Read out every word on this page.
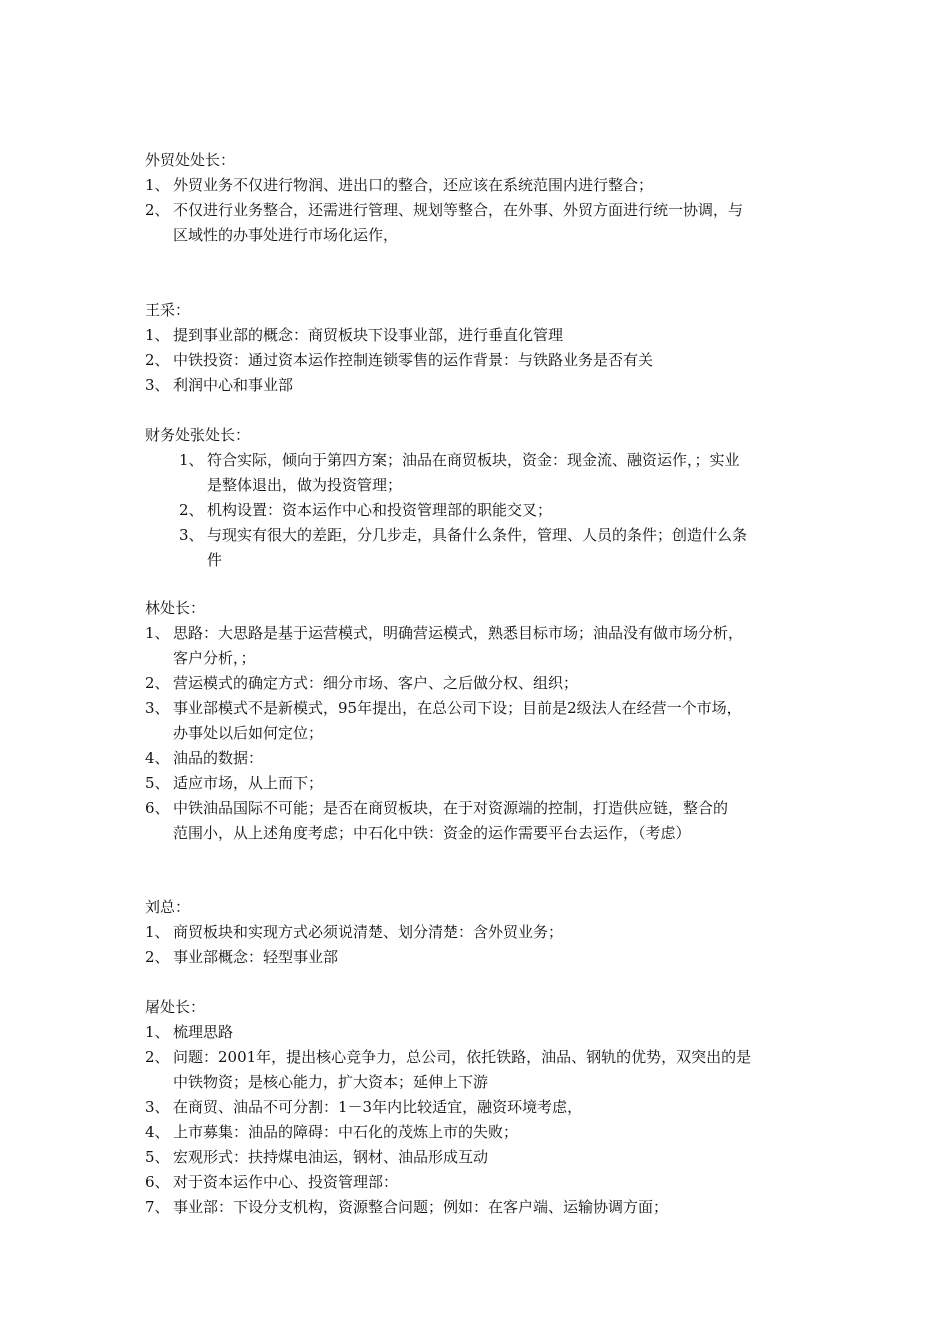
外贸处处长：
1、 外贸业务不仅进行物润、进出口的整合，还应该在系统范围内进行整合；
2、 不仅进行业务整合，还需进行管理、规划等整合，在外事、外贸方面进行统一协调，与
区域性的办事处进行市场化运作，
王采：
1、 提到事业部的概念：商贸板块下设事业部，进行垂直化管理
2、 中铁投资：通过资本运作控制连锁零售的运作背景：与铁路业务是否有关
3、 利润中心和事业部
财务处张处长：
1、 符合实际，倾向于第四方案；油品在商贸板块，资金：现金流、融资运作，；实业
是整体退出，做为投资管理；
2、 机构设置：资本运作中心和投资管理部的职能交叉；
3、 与现实有很大的差距，分几步走，具备什么条件，管理、人员的条件；创造什么条
件
林处长：
1、 思路：大思路是基于运营模式，明确营运模式，熟悉目标市场；油品没有做市场分析，
客户分析，；
2、 营运模式的确定方式：细分市场、客户、之后做分权、组织；
3、 事业部模式不是新模式，95年提出，在总公司下设；目前是2级法人在经营一个市场，
办事处以后如何定位；
4、 油品的数据：
5、 适应市场，从上而下；
6、 中铁油品国际不可能；是否在商贸板块，在于对资源端的控制，打造供应链，整合的
范围小，从上述角度考虑；中石化中铁：资金的运作需要平台去运作，（考虑）
刘总：
1、 商贸板块和实现方式必须说清楚、划分清楚：含外贸业务；
2、 事业部概念：轻型事业部
屠处长：
1、 梳理思路
2、 问题：2001年，提出核心竞争力，总公司，依托铁路，油品、钢轨的优势，双突出的是
中铁物资；是核心能力，扩大资本；延伸上下游
3、 在商贸、油品不可分割：1－3年内比较适宜，融资环境考虑，
4、 上市募集：油品的障碍：中石化的茂炼上市的失败；
5、 宏观形式：扶持煤电油运，钢材、油品形成互动
6、 对于资本运作中心、投资管理部：
7、 事业部：下设分支机构，资源整合问题；例如：在客户端、运输协调方面；
